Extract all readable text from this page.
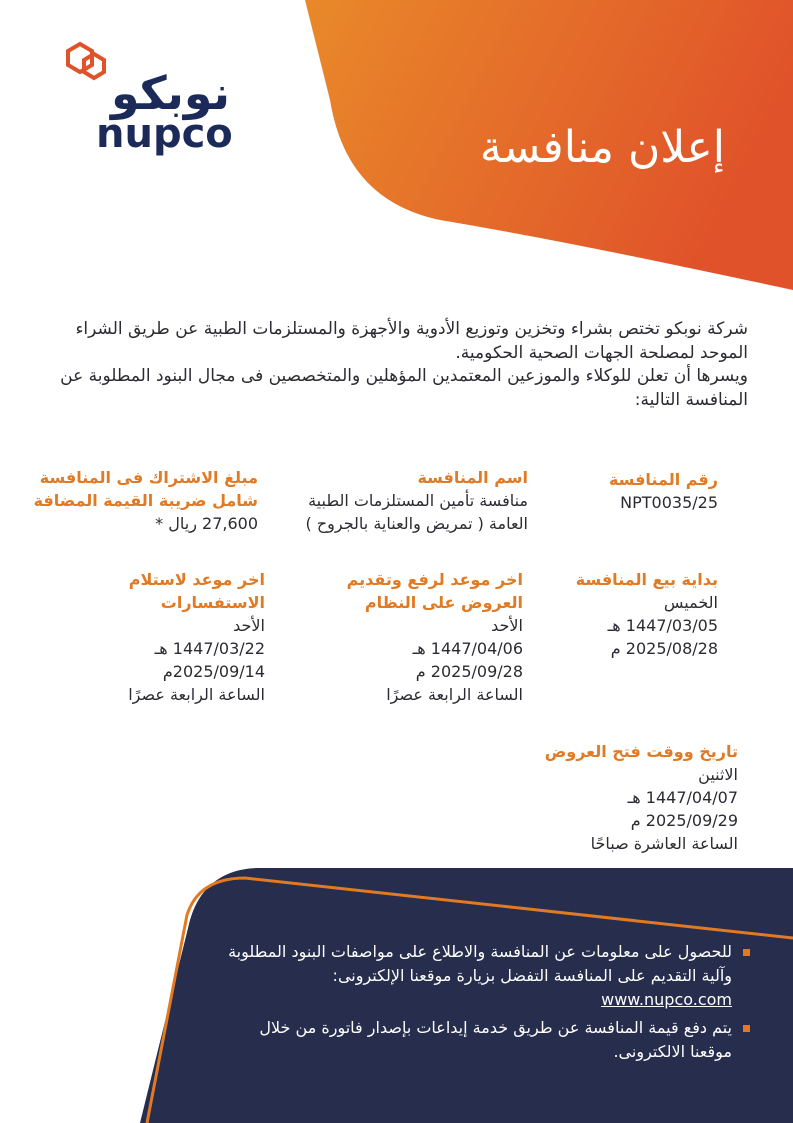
نوبكو
nupco	إعلان منافسة

شركة نوبكو تختص بشراء وتخزين وتوزيع الأدوية والأجهزة والمستلزمات الطبية عن طريق الشراء الموحد لمصلحة الجهات الصحية الحكومية.

ويسرها أن تعلن للوكلاء والموزعين المعتمدين المؤهلين والمتخصصين فى مجال البنود المطلوبة عن المنافسة التالية:

رقم المنافسة
NPT0035/25
اسم المنافسة
منافسة تأمين المستلزمات الطبية
العامة ( تمريض والعناية بالجروح )
مبلغ الاشتراك فى المنافسة
شامل ضريبة القيمة المضافة
27,600 ريال *
بداية بيع المنافسة
الخميس
1447/03/05 هـ
2025/08/28 م
اخر موعد لرفع وتقديم
العروض على النظام
الأحد
1447/04/06 هـ
2025/09/28 م
الساعة الرابعة عصرًا
اخر موعد لاستلام
الاستفسارات
الأحد
1447/03/22 هـ
2025/09/14م
الساعة الرابعة عصرًا
تاريخ ووقت فتح العروض
الاثنين
1447/04/07 هـ
2025/09/29 م
الساعة العاشرة صباحًا
للحصول على معلومات عن المنافسة والاطلاع على مواصفات البنود المطلوبة وآلية التقديم على المنافسة التفضل بزيارة موقعنا الإلكترونى:
www.nupco.com
يتم دفع قيمة المنافسة عن طريق خدمة إيداعات بإصدار فاتورة من خلال موقعنا الالكترونى.
